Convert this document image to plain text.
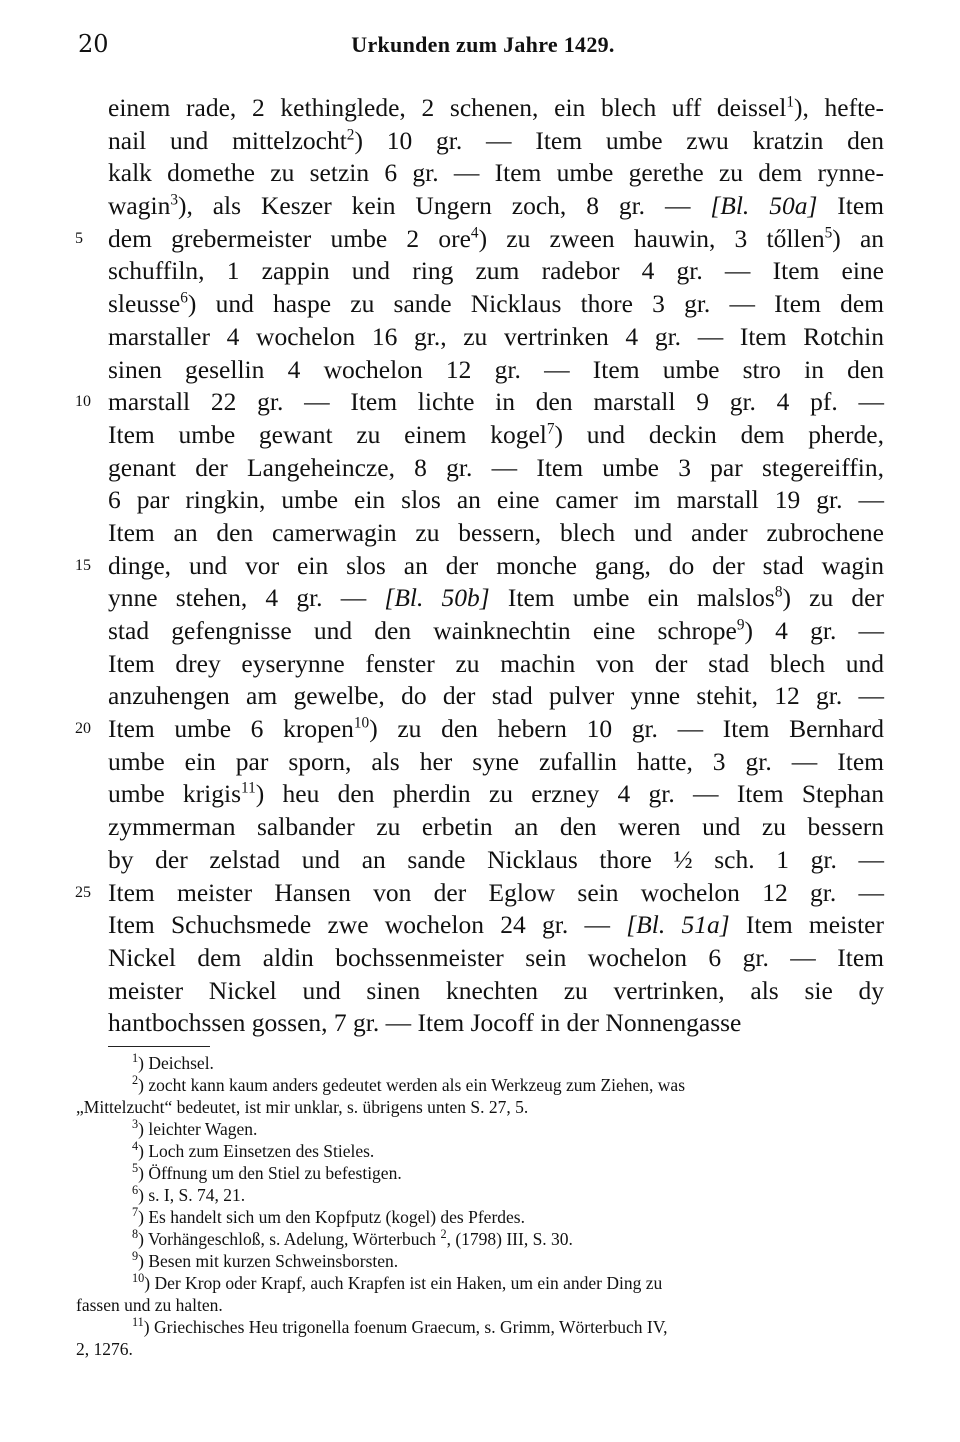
20	Urkunden zum Jahre 1429.
einem rade, 2 kethinglede, 2 schenen, ein blech uff deissel$^1$), hefte-
nail und mittelzocht$^2$) 10 gr. — Item umbe zwu kratzin den
kalk domethe zu setzin 6 gr. — Item umbe gerethe zu dem rynne-
wagin$^3$), als Keszer kein Ungern zoch, 8 gr. — [Bl. 50a] Item
dem grebermeister umbe 2 ore$^4$) zu zween hauwin, 3 tőllen$^5$) an
5
schuffiln, 1 zappin und ring zum radebor 4 gr. — Item eine
sleusse$^6$) und haspe zu sande Nicklaus thore 3 gr. — Item dem
marstaller 4 wochelon 16 gr., zu vertrinken 4 gr. — Item Rotchin
sinen gesellin 4 wochelon 12 gr. — Item umbe stro in den
marstall 22 gr. — Item lichte in den marstall 9 gr. 4 pf. —
10
Item umbe gewant zu einem kogel$^7$) und deckin dem pherde,
genant der Langeheincze, 8 gr. — Item umbe 3 par stegereiffin,
6 par ringkin, umbe ein slos an eine camer im marstall 19 gr. —
Item an den camerwagin zu bessern, blech und ander zubrochene
dinge, und vor ein slos an der monche gang, do der stad wagin
15
ynne stehen, 4 gr. — [Bl. 50b] Item umbe ein malslos$^8$) zu der
stad gefengnisse und den wainknechtin eine schrope$^9$) 4 gr. —
Item drey eyserynne fenster zu machin von der stad blech und
anzuhengen am gewelbe, do der stad pulver ynne stehit, 12 gr. —
Item umbe 6 kropen$^{10}$) zu den hebern 10 gr. — Item Bernhard
20
umbe ein par sporn, als her syne zufallin hatte, 3 gr. — Item
umbe krigis$^{11}$) heu den pherdin zu erzney 4 gr. — Item Stephan
zymmerman salbander zu erbetin an den weren und zu bessern
by der zelstad und an sande Nicklaus thore ½ sch. 1 gr. —
Item meister Hansen von der Eglow sein wochelon 12 gr. —
25
Item Schuchsmede zwe wochelon 24 gr. — [Bl. 51a] Item meister
Nickel dem aldin bochssenmeister sein wochelon 6 gr. — Item
meister Nickel und sinen knechten zu vertrinken, als sie dy
hantbochssen gossen, 7 gr. — Item Jocoff in der Nonnengasse
$^1$) Deichsel.
$^2$) zocht kann kaum anders gedeutet werden als ein Werkzeug zum Ziehen, was
„Mittelzucht“ bedeutet, ist mir unklar, s. übrigens unten S. 27, 5.
$^3$) leichter Wagen.
$^4$) Loch zum Einsetzen des Stieles.
$^5$) Öffnung um den Stiel zu befestigen.
$^6$) s. I, S. 74, 21.
$^7$) Es handelt sich um den Kopfputz (kogel) des Pferdes.
$^8$) Vorhängeschloß, s. Adelung, Wörterbuch $^2$, (1798) III, S. 30.
$^9$) Besen mit kurzen Schweinsborsten.
$^{10}$) Der Krop oder Krapf, auch Krapfen ist ein Haken, um ein ander Ding zu
fassen und zu halten.
$^{11}$) Griechisches Heu trigonella foenum Graecum, s. Grimm, Wörterbuch IV,
2, 1276.
